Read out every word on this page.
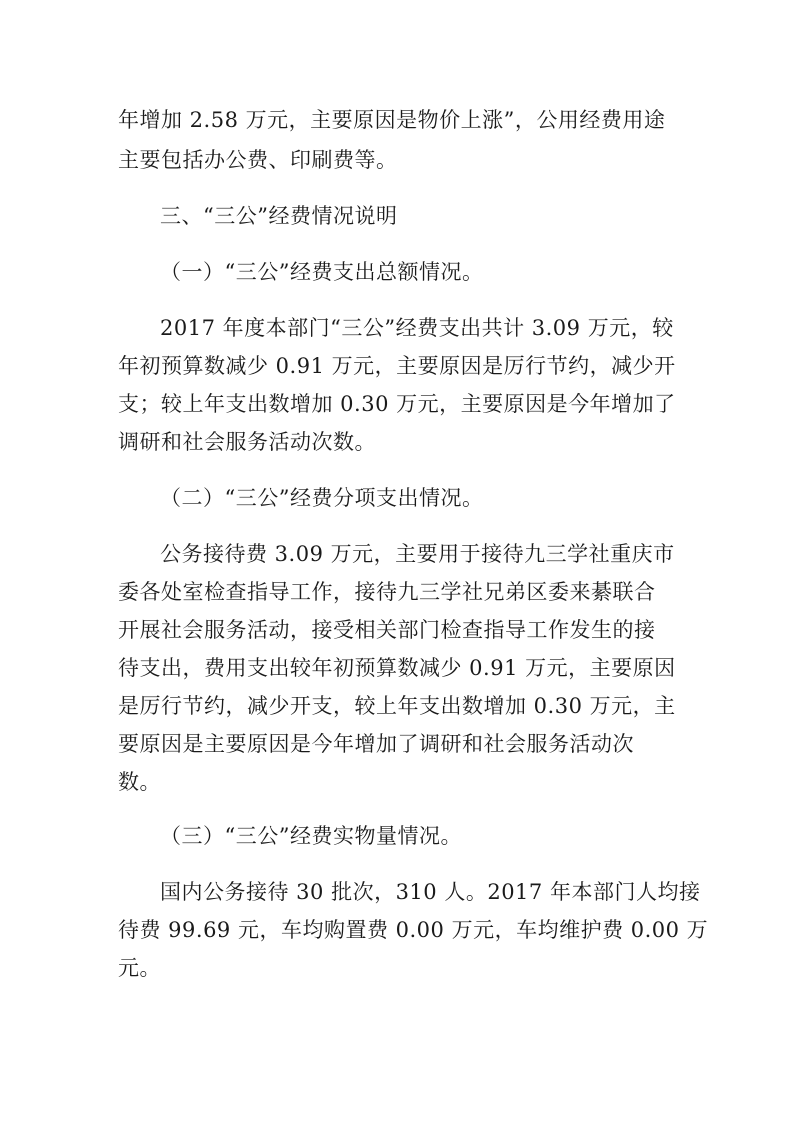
年增加 2.58 万元，主要原因是物价上涨”，公用经费用途
主要包括办公费、印刷费等。
三、“三公”经费情况说明
（一）“三公”经费支出总额情况。
2017 年度本部门“三公”经费支出共计 3.09 万元，较
年初预算数减少 0.91 万元，主要原因是厉行节约，减少开
支；较上年支出数增加 0.30 万元，主要原因是今年增加了
调研和社会服务活动次数。
（二）“三公”经费分项支出情况。
公务接待费 3.09 万元，主要用于接待九三学社重庆市
委各处室检查指导工作，接待九三学社兄弟区委来綦联合
开展社会服务活动，接受相关部门检查指导工作发生的接
待支出，费用支出较年初预算数减少 0.91 万元，主要原因
是厉行节约，减少开支，较上年支出数增加 0.30 万元，主
要原因是主要原因是今年增加了调研和社会服务活动次
数。
（三）“三公”经费实物量情况。
国内公务接待 30 批次，310 人。2017 年本部门人均接
待费 99.69 元，车均购置费 0.00 万元，车均维护费 0.00 万
元。
